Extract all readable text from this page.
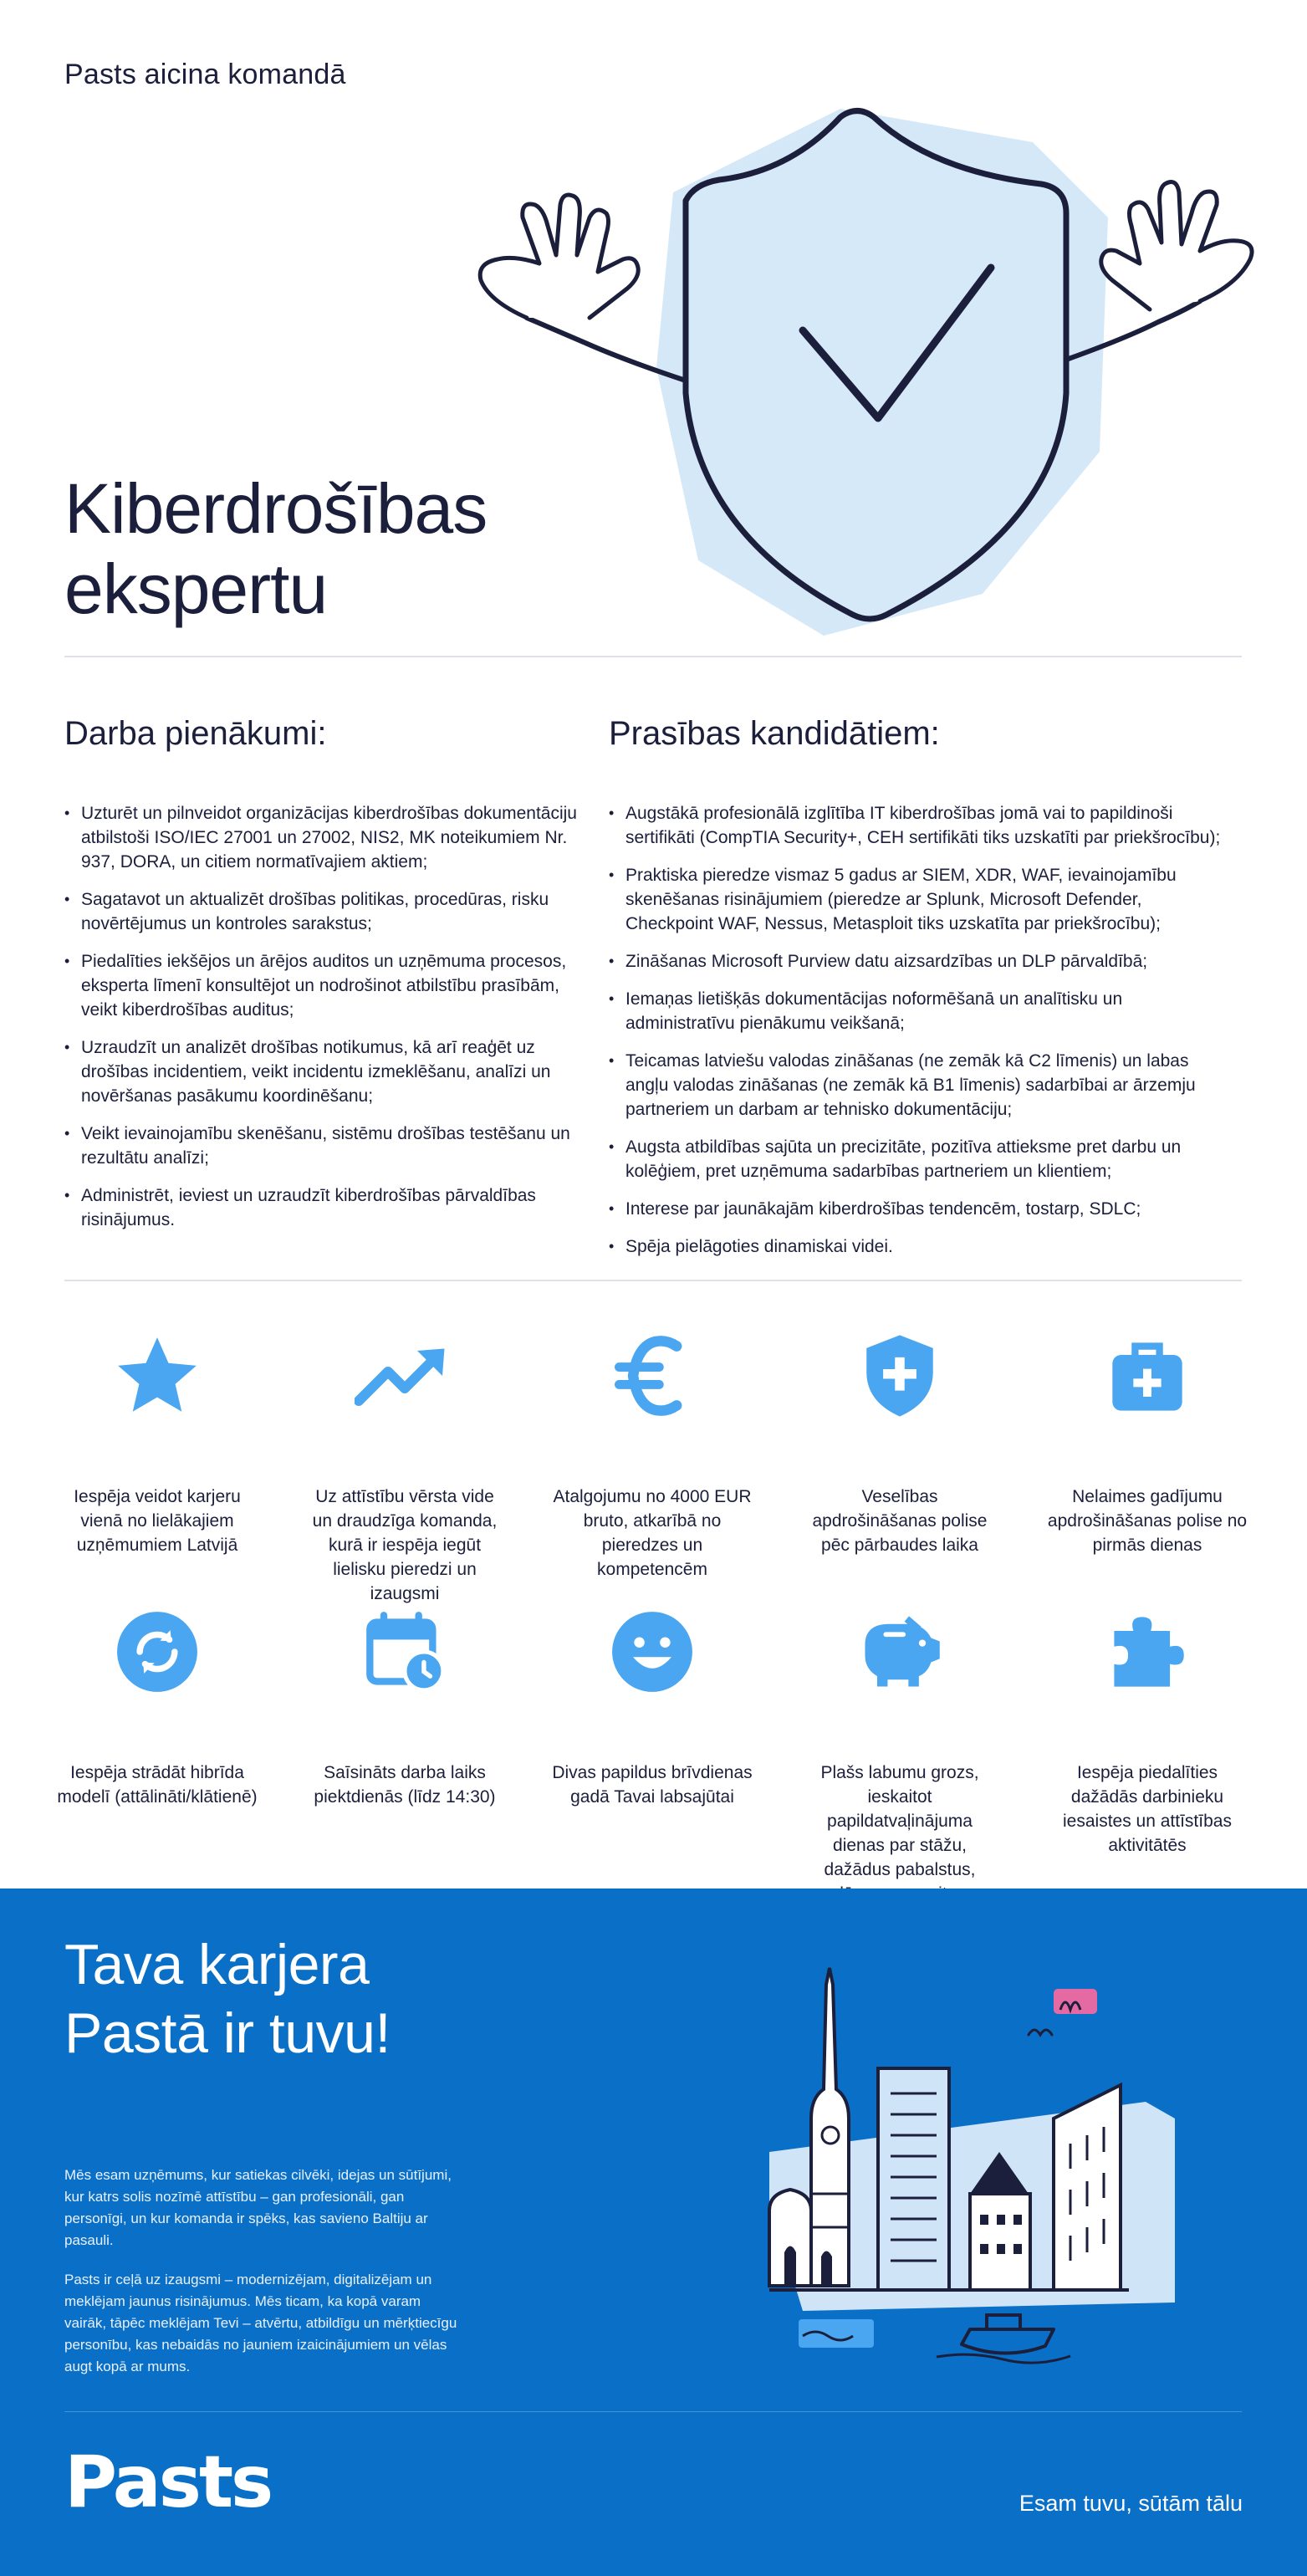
Pasts aicina komandā
Kiberdrošības
ekspertu
Darba pienākumi:
• Uzturēt un pilnveidot organizācijas kiberdrošības dokumentāciju atbilstoši ISO/IEC 27001 un 27002, NIS2, MK noteikumiem Nr. 937, DORA, un citiem normatīvajiem aktiem;
• Sagatavot un aktualizēt drošības politikas, procedūras, risku novērtējumus un kontroles sarakstus;
• Piedalīties iekšējos un ārējos auditos un uzņēmuma procesos, eksperta līmenī konsultējot un nodrošinot atbilstību prasībām, veikt kiberdrošības auditus;
• Uzraudzīt un analizēt drošības notikumus, kā arī reaģēt uz drošības incidentiem, veikt incidentu izmeklēšanu, analīzi un novēršanas pasākumu koordinēšanu;
• Veikt ievainojamību skenēšanu, sistēmu drošības testēšanu un rezultātu analīzi;
• Administrēt, ieviest un uzraudzīt kiberdrošības pārvaldības risinājumus.
Prasības kandidātiem:
• Augstākā profesionālā izglītība IT kiberdrošības jomā vai to papildinoši sertifikāti (CompTIA Security+, CEH sertifikāti tiks uzskatīti par priekšrocību);
• Praktiska pieredze vismaz 5 gadus ar SIEM, XDR, WAF, ievainojamību skenēšanas risinājumiem (pieredze ar Splunk, Microsoft Defender, Checkpoint WAF, Nessus, Metasploit tiks uzskatīta par priekšrocību);
• Zināšanas Microsoft Purview datu aizsardzības un DLP pārvaldībā;
• Iemaņas lietišķās dokumentācijas noformēšanā un analītisku un administratīvu pienākumu veikšanā;
• Teicamas latviešu valodas zināšanas (ne zemāk kā C2 līmenis) un labas angļu valodas zināšanas (ne zemāk kā B1 līmenis) sadarbībai ar ārzemju partneriem un darbam ar tehnisko dokumentāciju;
• Augsta atbildības sajūta un precizitāte, pozitīva attieksme pret darbu un kolēģiem, pret uzņēmuma sadarbības partneriem un klientiem;
• Interese par jaunākajām kiberdrošības tendencēm, tostarp, SDLC;
• Spēja pielāgoties dinamiskai videi.
Iespēja veidot karjeru vienā no lielākajiem uzņēmumiem Latvijā
Uz attīstību vērsta vide un draudzīga komanda, kurā ir iespēja iegūt lielisku pieredzi un izaugsmi
Atalgojumu no 4000 EUR bruto, atkarībā no pieredzes un kompetencēm
Veselības apdrošināšanas polise pēc pārbaudes laika
Nelaimes gadījumu apdrošināšanas polise no pirmās dienas
Iespēja strādāt hibrīda modelī (attālināti/klātienē)
Saīsināts darba laiks piektdienās (līdz 14:30)
Divas papildus brīvdienas gadā Tavai labsajūtai
Plašs labumu grozs, ieskaitot papildatvaļinājuma dienas par stāžu, dažādus pabalstus,
Iespēja piedalīties dažādās darbinieku iesaistes un attīstības aktivitātēs
Tava karjera
Pastā ir tuvu!

Mēs esam uzņēmums, kur satiekas cilvēki, idejas un sūtījumi, kur katrs solis nozīmē attīstību – gan profesionāli, gan personīgi, un kur komanda ir spēks, kas savieno Baltiju ar pasauli.

Pasts ir ceļā uz izaugsmi – modernizējam, digitalizējam un meklējam jaunus risinājumus. Mēs ticam, ka kopā varam vairāk, tāpēc meklējam Tevi – atvērtu, atbildīgu un mērķtiecīgu personību, kas nebaidās no jauniem izaicinājumiem un vēlas augt kopā ar mums.

Pasts	Esam tuvu, sūtām tālu
